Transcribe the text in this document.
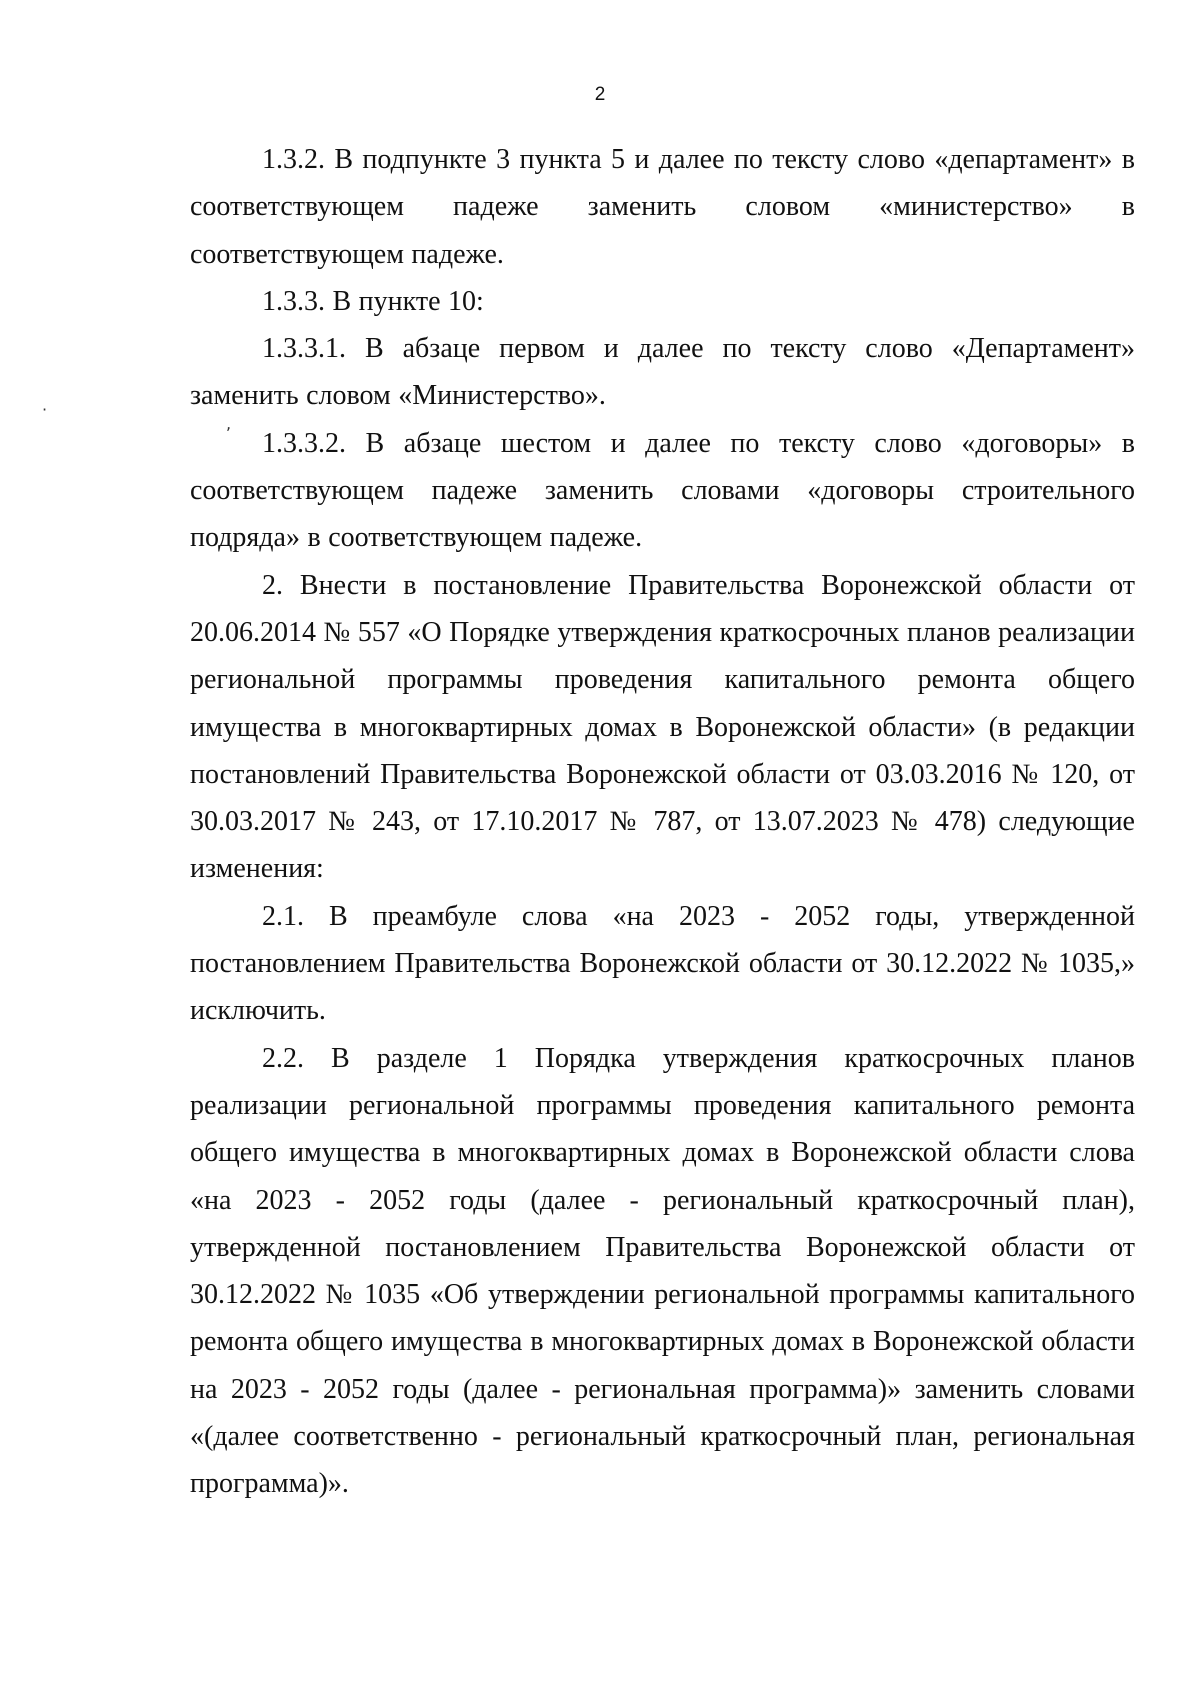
2
·
,

1.3.2. В подпункте 3 пункта 5 и далее по тексту слово «департамент» в соответствующем падеже заменить словом «министерство» в соответствующем падеже.

1.3.3. В пункте 10:

1.3.3.1. В абзаце первом и далее по тексту слово «Департамент» заменить словом «Министерство».

1.3.3.2. В абзаце шестом и далее по тексту слово «договоры» в соответствующем падеже заменить словами «договоры строительного подряда» в соответствующем падеже.

2. Внести в постановление Правительства Воронежской области от 20.06.2014 № 557 «О Порядке утверждения краткосрочных планов реализации региональной программы проведения капитального ремонта общего имущества в многоквартирных домах в Воронежской области» (в редакции постановлений Правительства Воронежской области от 03.03.2016 № 120, от 30.03.2017 № 243, от 17.10.2017 № 787, от 13.07.2023 № 478) следующие изменения:

2.1. В преамбуле слова «на 2023 - 2052 годы, утвержденной постановлением Правительства Воронежской области от 30.12.2022 № 1035,» исключить.

2.2. В разделе 1 Порядка утверждения краткосрочных планов реализации региональной программы проведения капитального ремонта общего имущества в многоквартирных домах в Воронежской области слова «на 2023 - 2052 годы (далее - региональный краткосрочный план), утвержденной постановлением Правительства Воронежской области от 30.12.2022 № 1035 «Об утверждении региональной программы капитального ремонта общего имущества в многоквартирных домах в Воронежской области на 2023 - 2052 годы (далее - региональная программа)» заменить словами «(далее соответственно - региональный краткосрочный план, региональная программа)».
